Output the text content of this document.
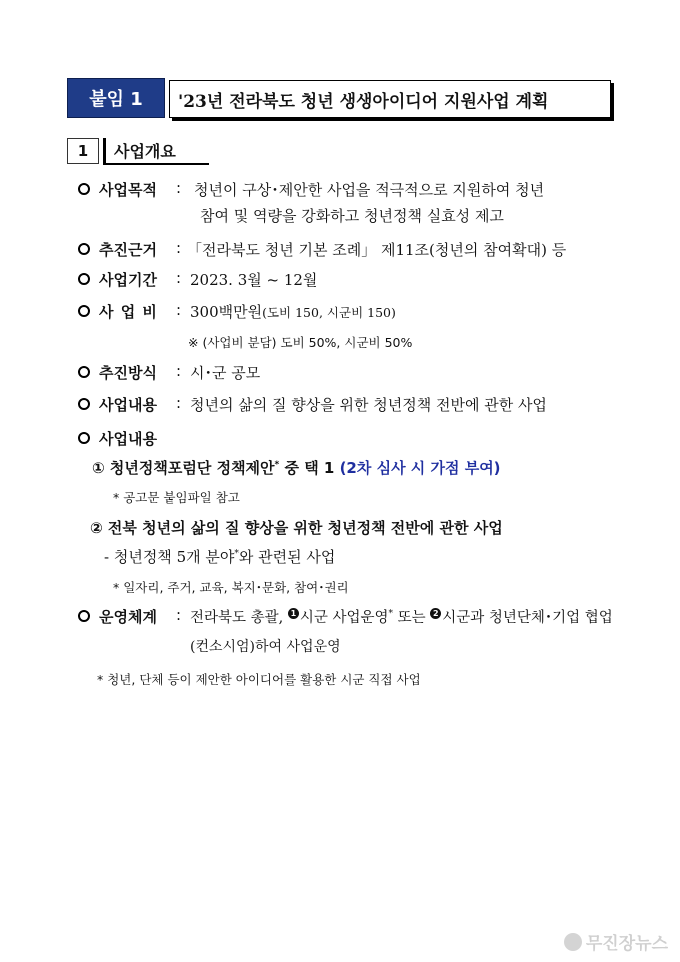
붙임 1 '23년 전라북도 청년 생생아이디어 지원사업 계획
1	사업개요
사업목적 : 청년이 구상･제안한 사업을 적극적으로 지원하여 청년
참여 및 역량을 강화하고 청년정책 실효성 제고
추진근거 : 「전라북도 청년 기본 조례」 제11조(청년의 참여확대) 등
사업기간 : 2023. 3월 ~ 12월
사 업 비 : 300백만원(도비 150, 시군비 150)
※ (사업비 분담) 도비 50%, 시군비 50%
추진방식 : 시･군 공모
사업내용 : 청년의 삶의 질 향상을 위한 청년정책 전반에 관한 사업
사업내용
① 청년정책포럼단 정책제안* 중 택 1 (2차 심사 시 가점 부여)
* 공고문 붙임파일 참고
② 전북 청년의 삶의 질 향상을 위한 청년정책 전반에 관한 사업
- 청년정책 5개 분야*와 관련된 사업
* 일자리, 주거, 교육, 복지･문화, 참여･권리
운영체계 : 전라북도 총괄, 1 시군 사업운영* 또는 2 시군과 청년단체･기업 협업
(컨소시엄)하여 사업운영
* 청년, 단체 등이 제안한 아이디어를 활용한 시군 직접 사업
무진장뉴스
